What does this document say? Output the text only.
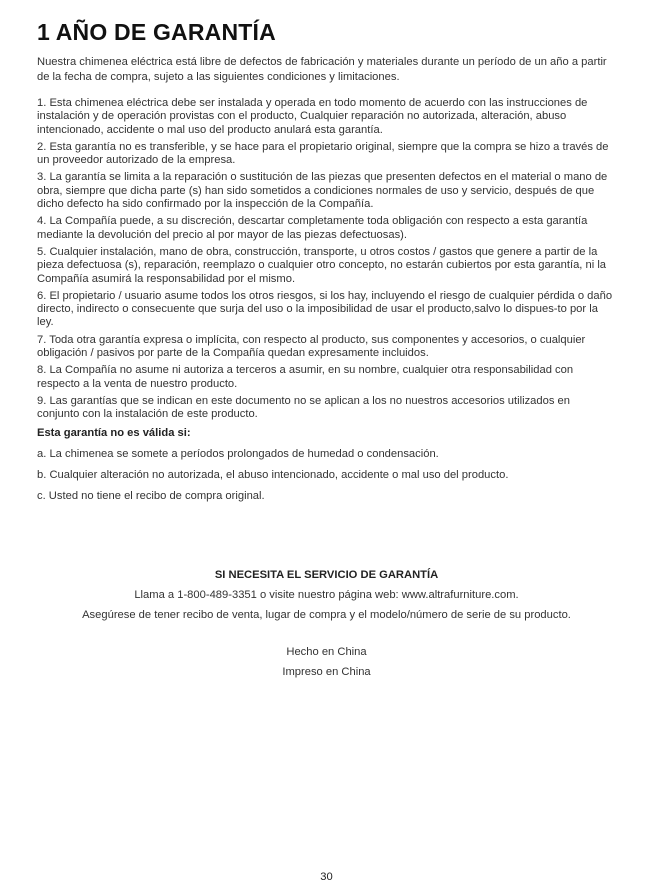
1 AÑO DE GARANTÍA
Nuestra chimenea eléctrica está libre de defectos de fabricación y materiales durante un período de un año a partir de la fecha de compra, sujeto a las siguientes condiciones y limitaciones.
1. Esta chimenea eléctrica debe ser instalada y operada en todo momento de acuerdo con las instrucciones de instalación y de operación provistas con el producto, Cualquier reparación no autorizada, alteración, abuso intencionado, accidente o mal uso del producto anulará esta garantía.
2. Esta garantía no es transferible, y se hace para el propietario original, siempre que la compra se hizo a través de un proveedor autorizado de la empresa.
3. La garantía se limita a la reparación o sustitución de las piezas que presenten defectos en el material o mano de obra, siempre que dicha parte (s) han sido sometidos a condiciones normales de uso y servicio, después de que dicho defecto ha sido confirmado por la inspección de la Compañía.
4. La Compañía puede, a su discreción, descartar completamente toda obligación con respecto a esta garantía mediante la devolución del precio al por mayor de las piezas defectuosas).
5. Cualquier instalación, mano de obra, construcción, transporte, u otros costos / gastos que genere a partir de la pieza defectuosa (s), reparación, reemplazo o cualquier otro concepto, no estarán cubiertos por esta garantía, ni la Compañía asumirá la responsabilidad por el mismo.
6. El propietario / usuario asume todos los otros riesgos, si los hay, incluyendo el riesgo de cualquier pérdida o daño directo, indirecto o consecuente que surja del uso o la imposibilidad de usar el producto,salvo lo dispues-to por la ley.
7. Toda otra garantía expresa o implícita, con respecto al producto, sus componentes y accesorios, o cualquier obligación / pasivos por parte de la Compañía quedan expresamente incluidos.
8. La Compañía no asume ni autoriza a terceros a asumir, en su nombre, cualquier otra responsabilidad con respecto a la venta de nuestro producto.
9. Las garantías que se indican en este documento no se aplican a los no nuestros accesorios utilizados en conjunto con la instalación de este producto.
Esta garantía no es válida si:
a. La chimenea se somete a períodos prolongados de humedad o condensación.
b. Cualquier alteración no autorizada, el abuso intencionado, accidente o mal uso del producto.
c. Usted no tiene el recibo de compra original.
SI NECESITA EL SERVICIO DE GARANTÍA
Llama a 1-800-489-3351 o visite nuestro página web: www.altrafurniture.com.
Asegúrese de tener recibo de venta, lugar de compra y el modelo/número de serie de su producto.
Hecho en China
Impreso en China
30
